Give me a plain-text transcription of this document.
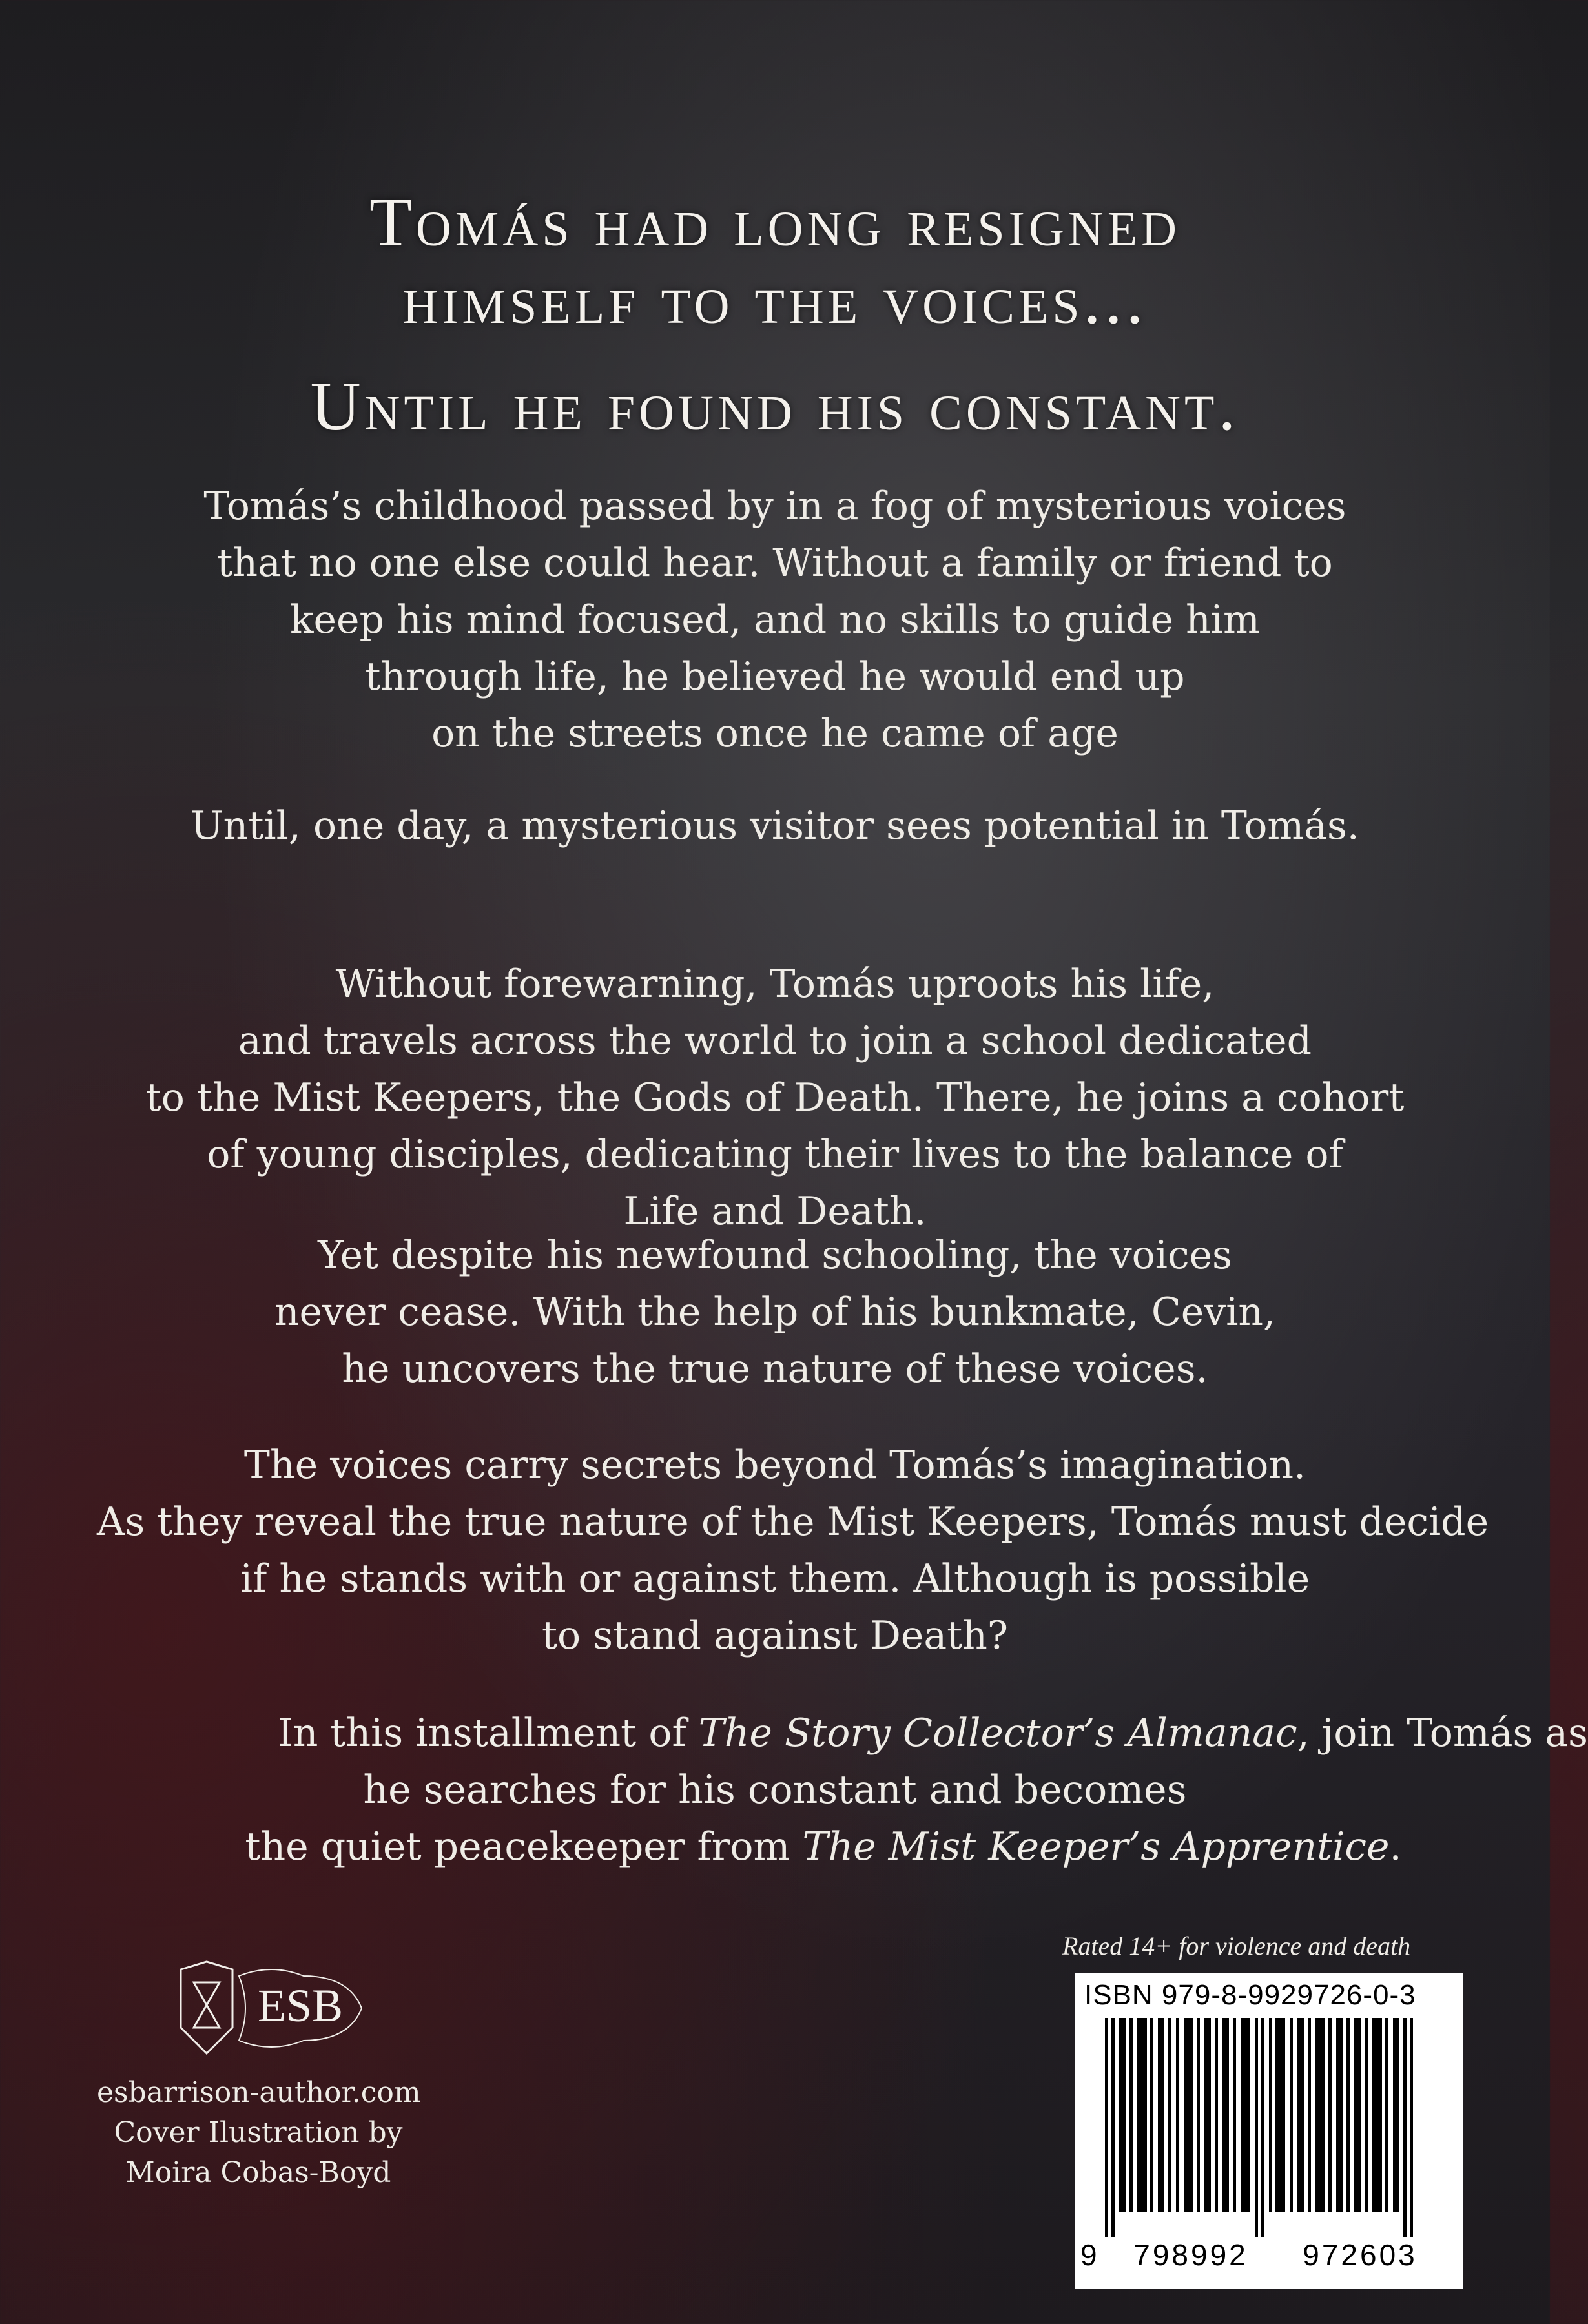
Tomás had long resigned
himself to the voices...
Until he found his constant.
Tomás’s childhood passed by in a fog of mysterious voices
that no one else could hear. Without a family or friend to
keep his mind focused, and no skills to guide him
through life, he believed he would end up
on the streets once he came of age
Until, one day, a mysterious visitor sees potential in Tomás.
Without forewarning, Tomás uproots his life,
and travels across the world to join a school dedicated
to the Mist Keepers, the Gods of Death. There, he joins a cohort
of young disciples, dedicating their lives to the balance of
Life and Death.
Yet despite his newfound schooling, the voices
never cease. With the help of his bunkmate, Cevin,
he uncovers the true nature of these voices.
The voices carry secrets beyond Tomás’s imagination.
As they reveal the true nature of the Mist Keepers, Tomás must decide
if he stands with or against them. Although is possible
to stand against Death?
In this installment of The Story Collector’s Almanac, join Tomás as
he searches for his constant and becomes
the quiet peacekeeper from The Mist Keeper’s Apprentice.
ESB
esbarrison-author.com
Cover Ilustration by
Moira Cobas-Boyd
Rated 14+ for violence and death
ISBN 979-8-9929726-0-3
9 798992 972603
